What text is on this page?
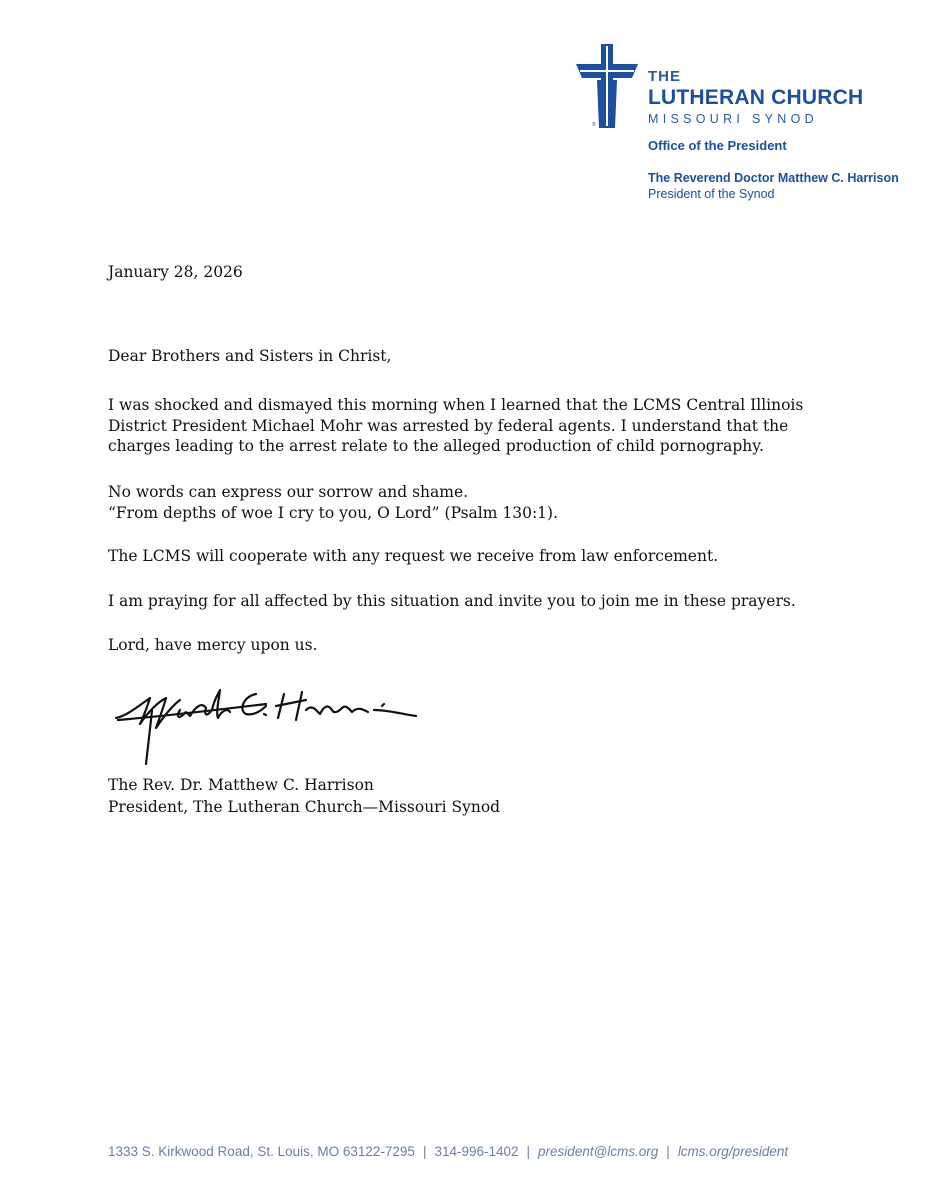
®
THE
LUTHERAN CHURCH
MISSOURI SYNOD
Office of the President
The Reverend Doctor Matthew C. Harrison
President of the Synod
January 28, 2026
Dear Brothers and Sisters in Christ,
I was shocked and dismayed this morning when I learned that the LCMS Central Illinois
District President Michael Mohr was arrested by federal agents. I understand that the
charges leading to the arrest relate to the alleged production of child pornography.
No words can express our sorrow and shame.
“From depths of woe I cry to you, O Lord” (Psalm 130:1).
The LCMS will cooperate with any request we receive from law enforcement.
I am praying for all affected by this situation and invite you to join me in these prayers.
Lord, have mercy upon us.
The Rev. Dr. Matthew C. Harrison
President, The Lutheran Church—Missouri Synod
1333 S. Kirkwood Road, St. Louis, MO 63122-7295 | 314-996-1402 | president@lcms.org | lcms.org/president
